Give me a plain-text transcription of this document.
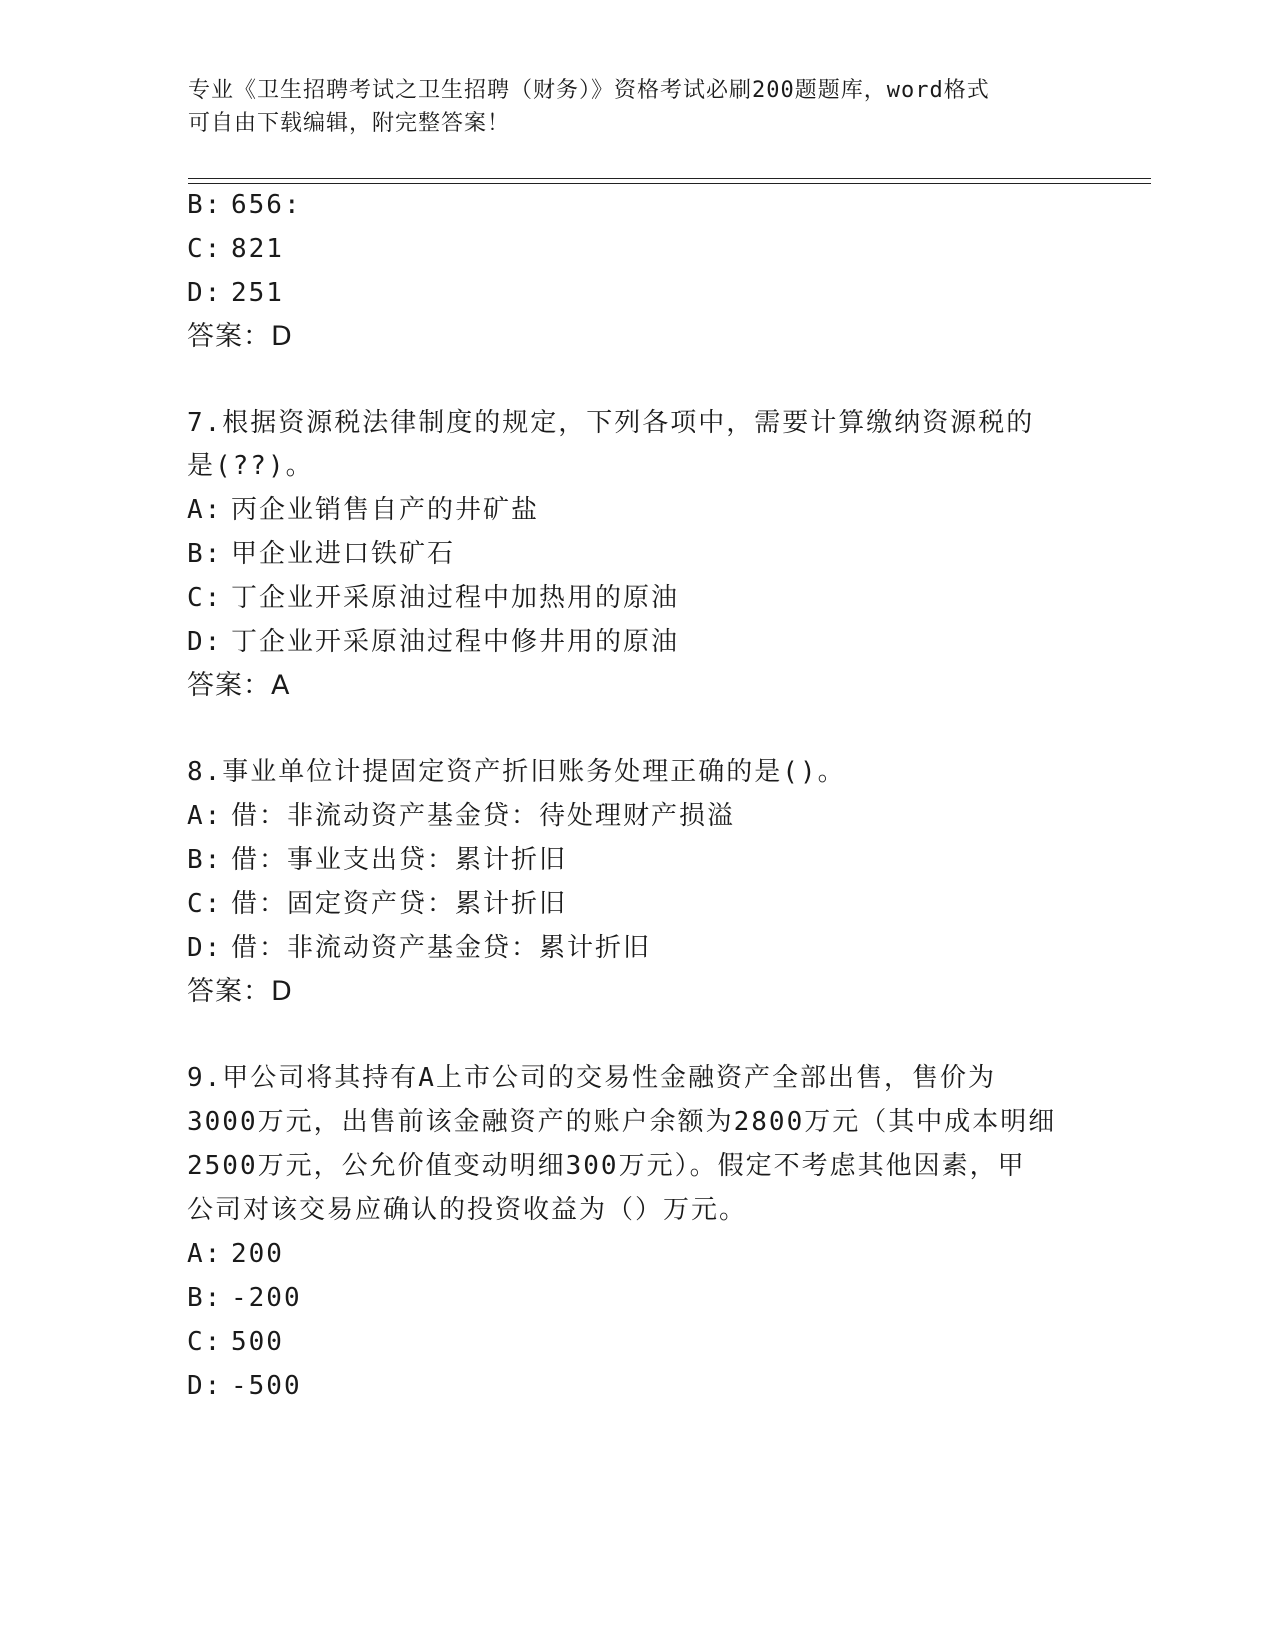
专业《卫生招聘考试之卫生招聘（财务）》资格考试必刷200题题库，word格式
可自由下载编辑，附完整答案！
B: 656:
C: 821
D: 251
答案：D
7.根据资源税法律制度的规定，下列各项中，需要计算缴纳资源税的
是(??)。
A: 丙企业销售自产的井矿盐
B: 甲企业进口铁矿石
C: 丁企业开采原油过程中加热用的原油
D: 丁企业开采原油过程中修井用的原油
答案：A
8.事业单位计提固定资产折旧账务处理正确的是()。
A: 借：非流动资产基金贷：待处理财产损溢
B: 借：事业支出贷：累计折旧
C: 借：固定资产贷：累计折旧
D: 借：非流动资产基金贷：累计折旧
答案：D
9.甲公司将其持有A上市公司的交易性金融资产全部出售，售价为
3000万元，出售前该金融资产的账户余额为2800万元（其中成本明细
2500万元，公允价值变动明细300万元）。假定不考虑其他因素，甲
公司对该交易应确认的投资收益为（）万元。
A: 200
B: -200
C: 500
D: -500
